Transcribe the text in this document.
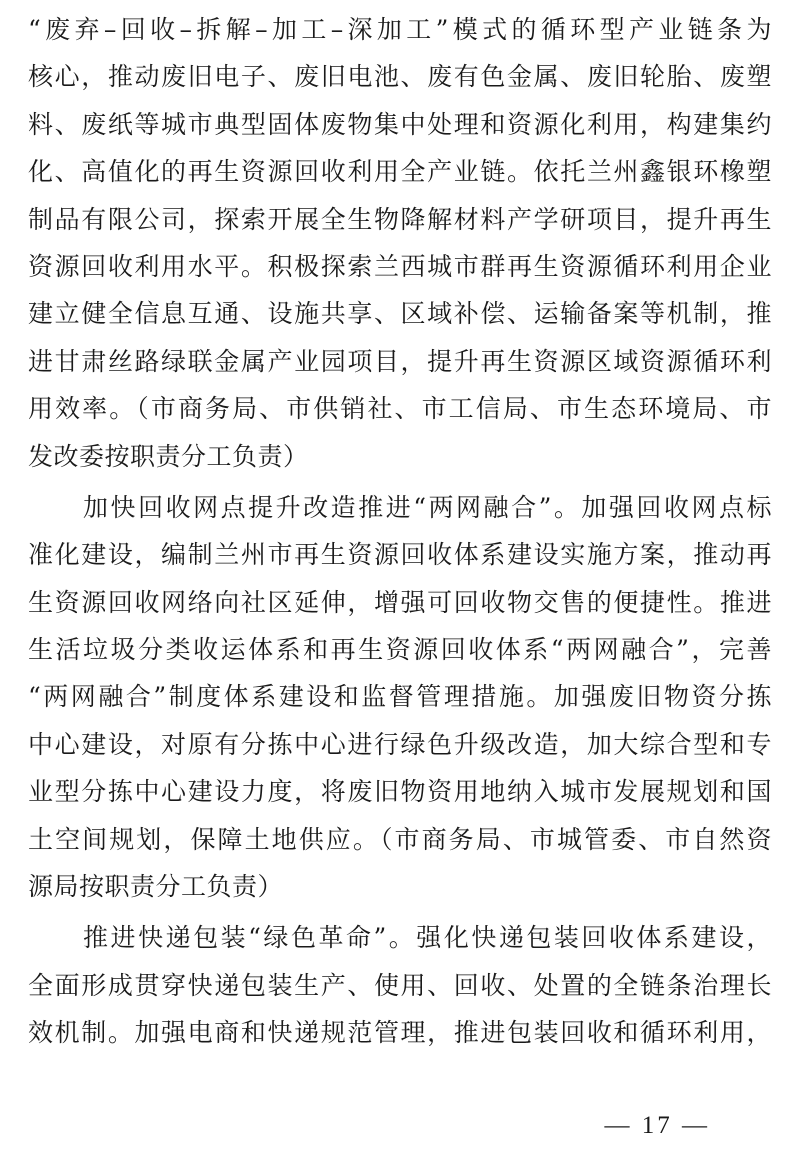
“废弃–回收–拆解–加工–深加工”模式的循环型产业链条为
核心，推动废旧电子、废旧电池、废有色金属、废旧轮胎、废塑
料、废纸等城市典型固体废物集中处理和资源化利用，构建集约
化、高值化的再生资源回收利用全产业链。依托兰州鑫银环橡塑
制品有限公司，探索开展全生物降解材料产学研项目，提升再生
资源回收利用水平。积极探索兰西城市群再生资源循环利用企业
建立健全信息互通、设施共享、区域补偿、运输备案等机制，推
进甘肃丝路绿联金属产业园项目，提升再生资源区域资源循环利
用效率。（市商务局、市供销社、市工信局、市生态环境局、市
发改委按职责分工负责）
　　加快回收网点提升改造推进“两网融合”。加强回收网点标
准化建设，编制兰州市再生资源回收体系建设实施方案，推动再
生资源回收网络向社区延伸，增强可回收物交售的便捷性。推进
生活垃圾分类收运体系和再生资源回收体系“两网融合”，完善
“两网融合”制度体系建设和监督管理措施。加强废旧物资分拣
中心建设，对原有分拣中心进行绿色升级改造，加大综合型和专
业型分拣中心建设力度，将废旧物资用地纳入城市发展规划和国
土空间规划，保障土地供应。（市商务局、市城管委、市自然资
源局按职责分工负责）
　　推进快递包装“绿色革命”。强化快递包装回收体系建设，
全面形成贯穿快递包装生产、使用、回收、处置的全链条治理长
效机制。加强电商和快递规范管理，推进包装回收和循环利用，
— 17 —
